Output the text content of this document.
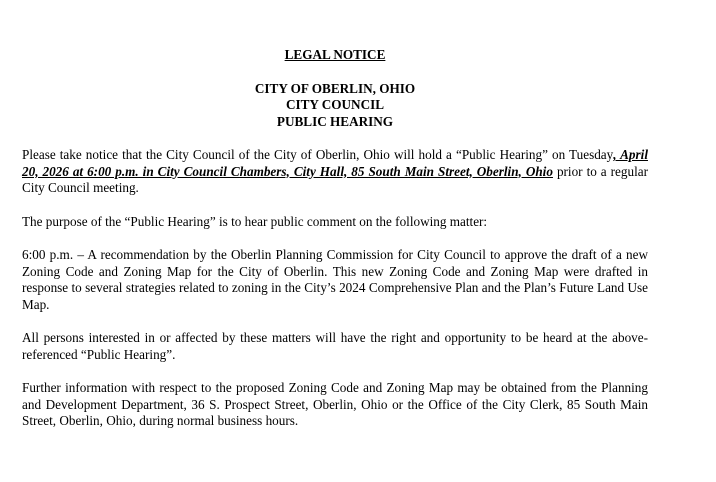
LEGAL NOTICE

CITY OF OBERLIN, OHIO

CITY COUNCIL

PUBLIC HEARING

Please take notice that the City Council of the City of Oberlin, Ohio will hold a “Public Hearing” on Tuesday, April 20, 2026 at 6:00 p.m. in City Council Chambers, City Hall, 85 South Main Street, Oberlin, Ohio prior to a regular City Council meeting.

The purpose of the “Public Hearing” is to hear public comment on the following matter:

6:00 p.m. – A recommendation by the Oberlin Planning Commission for City Council to approve the draft of a new Zoning Code and Zoning Map for the City of Oberlin. This new Zoning Code and Zoning Map were drafted in response to several strategies related to zoning in the City’s 2024 Comprehensive Plan and the Plan’s Future Land Use Map.

All persons interested in or affected by these matters will have the right and opportunity to be heard at the above-referenced “Public Hearing”.

Further information with respect to the proposed Zoning Code and Zoning Map may be obtained from the Planning and Development Department, 36 S. Prospect Street, Oberlin, Ohio or the Office of the City Clerk, 85 South Main Street, Oberlin, Ohio, during normal business hours.
